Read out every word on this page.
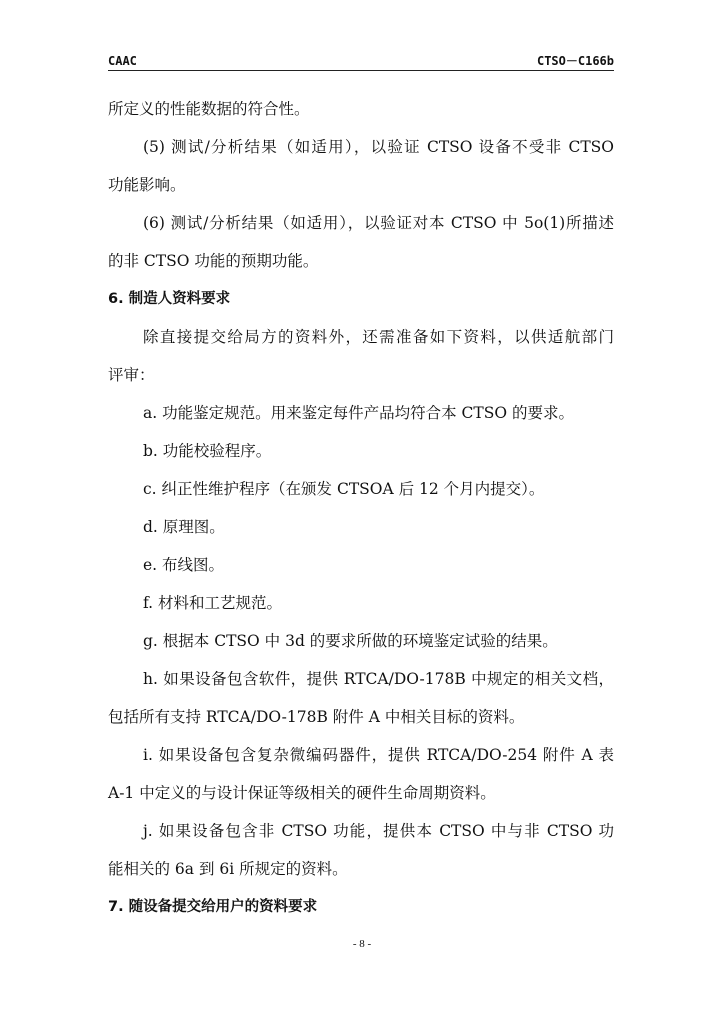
CAAC	CTSO－C166b
所定义的性能数据的符合性。
(5) 测试/分析结果（如适用），以验证 CTSO 设备不受非 CTSO
功能影响。
(6) 测试/分析结果（如适用），以验证对本 CTSO 中 5o(1)所描述
的非 CTSO 功能的预期功能。
6. 制造人资料要求
除直接提交给局方的资料外，还需准备如下资料，以供适航部门
评审：
a. 功能鉴定规范。用来鉴定每件产品均符合本 CTSO 的要求。
b. 功能校验程序。
c. 纠正性维护程序（在颁发 CTSOA 后 12 个月内提交）。
d. 原理图。
e. 布线图。
f. 材料和工艺规范。
g. 根据本 CTSO 中 3d 的要求所做的环境鉴定试验的结果。
h. 如果设备包含软件，提供 RTCA/DO-178B 中规定的相关文档，
包括所有支持 RTCA/DO-178B 附件 A 中相关目标的资料。
i. 如果设备包含复杂微编码器件，提供 RTCA/DO-254 附件 A 表
A-1 中定义的与设计保证等级相关的硬件生命周期资料。
j. 如果设备包含非 CTSO 功能，提供本 CTSO 中与非 CTSO 功
能相关的 6a 到 6i 所规定的资料。
7. 随设备提交给用户的资料要求
- 8 -
